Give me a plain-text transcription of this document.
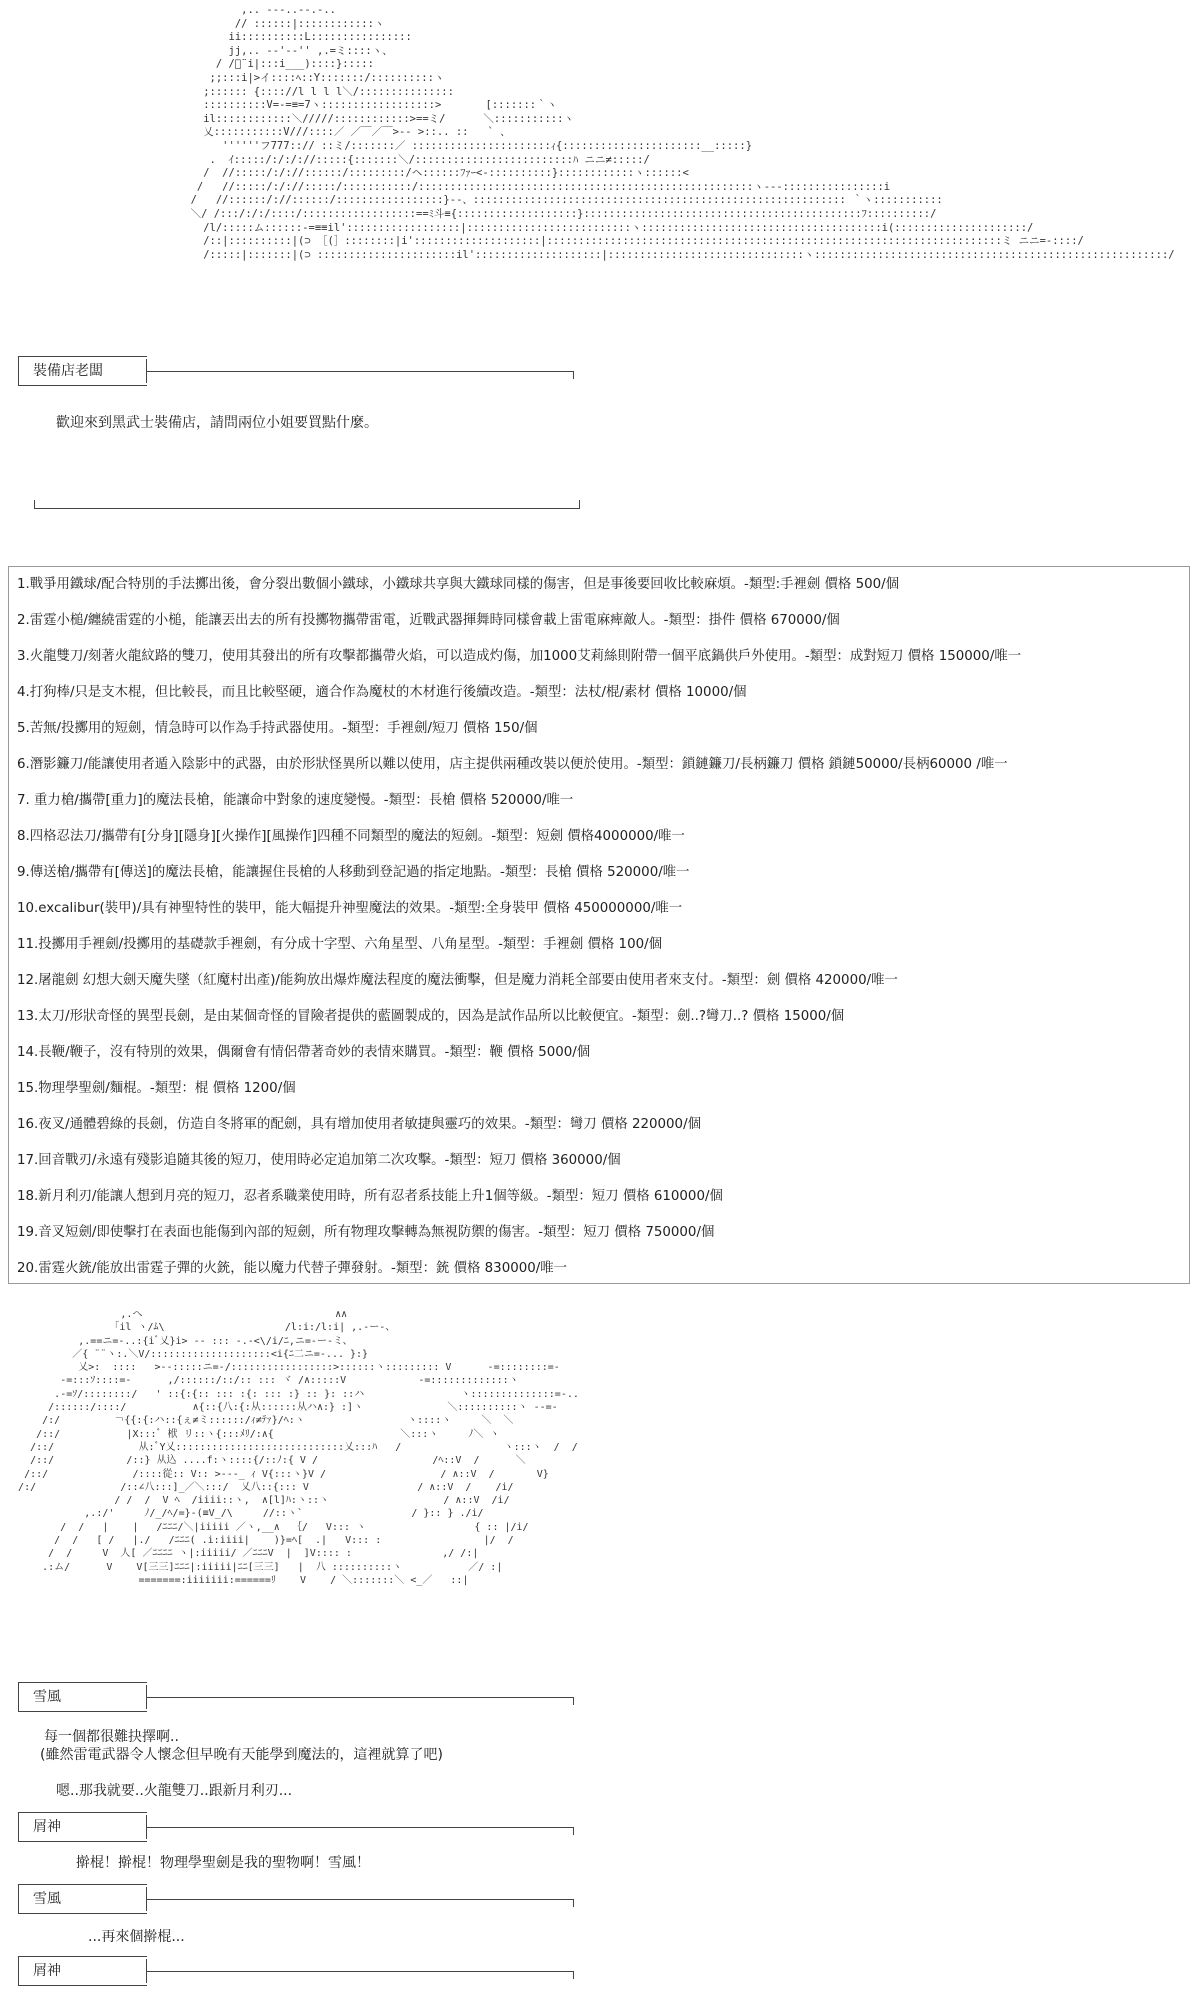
,.. -‐-..-‐.-..
// ::::::|::::::::::::ヽ
ii::::::::::L::::::::::::::::
jj,.. --'‐‐'' ,.=ミ::::ヽ、
/ /ﾞ¨i|:::i___)::::}:::::
;;:::i|>イ::::ﾍ::Y:::::::/::::::::::ヽ
;:::::: {:::://l l l l＼/:::::::::::::::
::::::::::V=-=≡=7ヽ::::::::::::::::::>       [:::::::｀ヽ
il::::::::::::＼/////::::::::::::>==ミ/      ＼:::::::::::ヽ
乂:::::::::::V///::::／ ／￣／￣>-‐ >::.. ::   ` 、
''''''フ777::// ::ミ/:::::::／ ::::::::::::::::::::::ｨ{::::::::::::::::::::::__:::::}
.  ｲ:::::/:/:/://:::::{:::::::＼/:::::::::::::::::::::::::ﾊ ニニ≠:::::/
/  //:::::/:/://::::::/:::::::::/ヘ::::::ﾌｧｰ<-::::::::::}::::::::::::ヽ::::::<
/   //:::::/:/://:::::/:::::::::::/:::::::::::::::::::::::::::::::::::::::::::::::::::::ヽ‐--::::::::::::::::i
/   //::::::/://::::::/:::::::::::::::::}‐-、::::::::::::::::::::::::::::::::::::::::::::::::::::::::::: ｀ヽ:::::::::::
＼/ /:::/:/:/::::/::::::::::::::::::==ﾐ斗≡{:::::::::::::::::::}::::::::::::::::::::::::::::::::::::::::::::ﾌ::::::::::/
/l/:::::ム::::::-=≡≡il'::::::::::::::::::|::::::::::::::::::::::::::ヽ::::::::::::::::::::::::::::::::::::::i(:::::::::::::::::::::/
/::|::::::::::|(⊃ ［(］::::::::|i'::::::::::::::::::::|::::::::::::::::::::::::::::::::::::::::::::::::::::::::::::::::::::::::ミ ニニ=-::::/
/:::::|:::::::|(⊃ ::::::::::::::::::::::il'::::::::::::::::::::|:::::::::::::::::::::::::::::::ヽ::::::::::::::::::::::::::::::::::::::::::::::::::::::::/
裝備店老闆
歡迎來到黑武士裝備店，請問兩位小姐要買點什麼。
1.戰爭用鐵球/配合特別的手法擲出後，會分裂出數個小鐵球，小鐵球共享與大鐵球同樣的傷害，但是事後要回收比較麻煩。-類型:手裡劍 價格 500/個
2.雷霆小槌/纏繞雷霆的小槌，能讓丟出去的所有投擲物攜帶雷電，近戰武器揮舞時同樣會載上雷電麻痺敵人。-類型：掛件 價格 670000/個
3.火龍雙刀/刻著火龍紋路的雙刀，使用其發出的所有攻擊都攜帶火焰，可以造成灼傷，加1000艾莉絲則附帶一個平底鍋供戶外使用。-類型：成對短刀 價格 150000/唯一
4.打狗棒/只是支木棍，但比較長，而且比較堅硬，適合作為魔杖的木材進行後續改造。-類型：法杖/棍/素材 價格 10000/個
5.苦無/投擲用的短劍，情急時可以作為手持武器使用。-類型：手裡劍/短刀 價格 150/個
6.潛影鐮刀/能讓使用者遁入陰影中的武器，由於形狀怪異所以難以使用，店主提供兩種改裝以便於使用。-類型：鎖鏈鐮刀/長柄鐮刀 價格 鎖鏈50000/長柄60000 /唯一
7. 重力槍/攜帶[重力]的魔法長槍，能讓命中對象的速度變慢。-類型：長槍 價格 520000/唯一
8.四格忍法刀/攜帶有[分身][隱身][火操作][風操作]四種不同類型的魔法的短劍。-類型：短劍 價格4000000/唯一
9.傳送槍/攜帶有[傳送]的魔法長槍，能讓握住長槍的人移動到登記過的指定地點。-類型：長槍 價格 520000/唯一
10.excalibur(裝甲)/具有神聖特性的裝甲，能大幅提升神聖魔法的效果。-類型:全身裝甲 價格 450000000/唯一
11.投擲用手裡劍/投擲用的基礎款手裡劍，有分成十字型、六角星型、八角星型。-類型：手裡劍 價格 100/個
12.屠龍劍 幻想大劍天魔失墜（紅魔村出產)/能夠放出爆炸魔法程度的魔法衝擊，但是魔力消耗全部要由使用者來支付。-類型：劍 價格 420000/唯一
13.太刀/形狀奇怪的異型長劍，是由某個奇怪的冒險者提供的藍圖製成的，因為是試作品所以比較便宜。-類型：劍..?彎刀..? 價格 15000/個
14.長鞭/鞭子，沒有特別的效果，偶爾會有情侶帶著奇妙的表情來購買。-類型：鞭 價格 5000/個
15.物理學聖劍/麵棍。-類型：棍 價格 1200/個
16.夜叉/通體碧綠的長劍，仿造自冬將軍的配劍，具有增加使用者敏捷與靈巧的效果。-類型：彎刀 價格 220000/個
17.回音戰刃/永遠有殘影追隨其後的短刀，使用時必定追加第二次攻擊。-類型：短刀 價格 360000/個
18.新月利刃/能讓人想到月亮的短刀，忍者系職業使用時，所有忍者系技能上升1個等級。-類型：短刀 價格 610000/個
19.音叉短劍/即使擊打在表面也能傷到內部的短劍，所有物理攻擊轉為無視防禦的傷害。-類型：短刀 價格 750000/個
20.雷霆火銃/能放出雷霆子彈的火銃，能以魔力代替子彈發射。-類型：銃 價格 830000/唯一
,.へ                                ∧∧
｢il ヽ/ﾑ\                    /l:i:/l:i| ,.-ー-、
,.==ニ=-..:{iﾞ乂}i> -- ::: -.-<\/i/ﾆ,ニ=-ー-ミ、
／{ ¨¨ヽ:.＼V/::::::::::::::::::::<i{ﾆ二ニ=-... }:}
乂>:  ::::   >--:::::ニ=-/:::::::::::::::::>::::::ヽ::::::::: V      -=::::::::=-
-=:::ｿ::::=-      ,/::::::/::/:: ::: ヾ /∧:::::V            -=:::::::::::::ヽ
.-=ｿ/::::::::/   ' ::{:{:: ::: :{: ::: :} :: }: ::ハ                ヽ::::::::::::::=-..
/::::::/::::/           ∧{::{八:{:从::::::从ハ∧:} :]ヽ              ＼::::::::::ヽ --=-
/:/         ￢{{:{:ハ::{ぇ≠ミ::::::/ｨ≠ﾃｧ}/ﾍ:ヽ                 ヽ::::ヽ     ＼  ＼
/::/           |X:::ﾞ 栿 リ::ヽ{:::ﾒﾘ/:∧{                     ＼:::ヽ     ﾉ＼ ヽ
/::/              从:ﾞY乂::::::::::::::::::::::::::::乂:::ﾊ   /                 ヽ:::ヽ  /  /
/::/            /::} 从込 ....f:ヽ::::{/::ﾉ:{ V /                   /ﾍ::V  /      ＼
/::/              /::::從:: V:: >---_ ｨ V{:::ヽ}V /                   / ∧::V  /       V}
/:/              /::∠八:::]_／＼:::/  乂八::{::: V                  / ∧::V  /    /i/
/ /  /  V ﾍ  /iiii::ヽ,  ∧[l]ﾊ:ヽ::ヽ                   / ∧::V  /i/
,.:/'     ﾉ/_/ﾍ/=}-(≡V_/\     //::ヽ`                  / }:: } ./i/
/  /   |    |   /ﾆﾆﾆ/＼|iiiii ／ヽ,__∧  ｛/   V::: ヽ                  { :: |/i/
/  /   [ /   |./   /ﾆﾆﾆ( .i:iiii|    )}=ﾍ[  .|   V::: :                 |/  /
/  /     V  人[ ／ﾆﾆﾆﾆ ヽ|:iiiii/ ／ﾆﾆﾆV  |  ]V:::: :               ,/ /:|
.:ム/      V    V[三三]ﾆﾆﾆ|:iiiii|ﾆﾆ[三三]   |  八 ::::::::::ヽ           ／/ :|
=======:iiiiiii:======ﾘ    V    / ＼:::::::＼ <_／   ::|
雪風
每一個都很難抉擇啊..
(雖然雷電武器令人懷念但早晚有天能學到魔法的，這裡就算了吧)
嗯..那我就要..火龍雙刀..跟新月利刃...
屑神
擀棍！擀棍！物理學聖劍是我的聖物啊！雪風！
雪風
...再來個擀棍...
屑神
